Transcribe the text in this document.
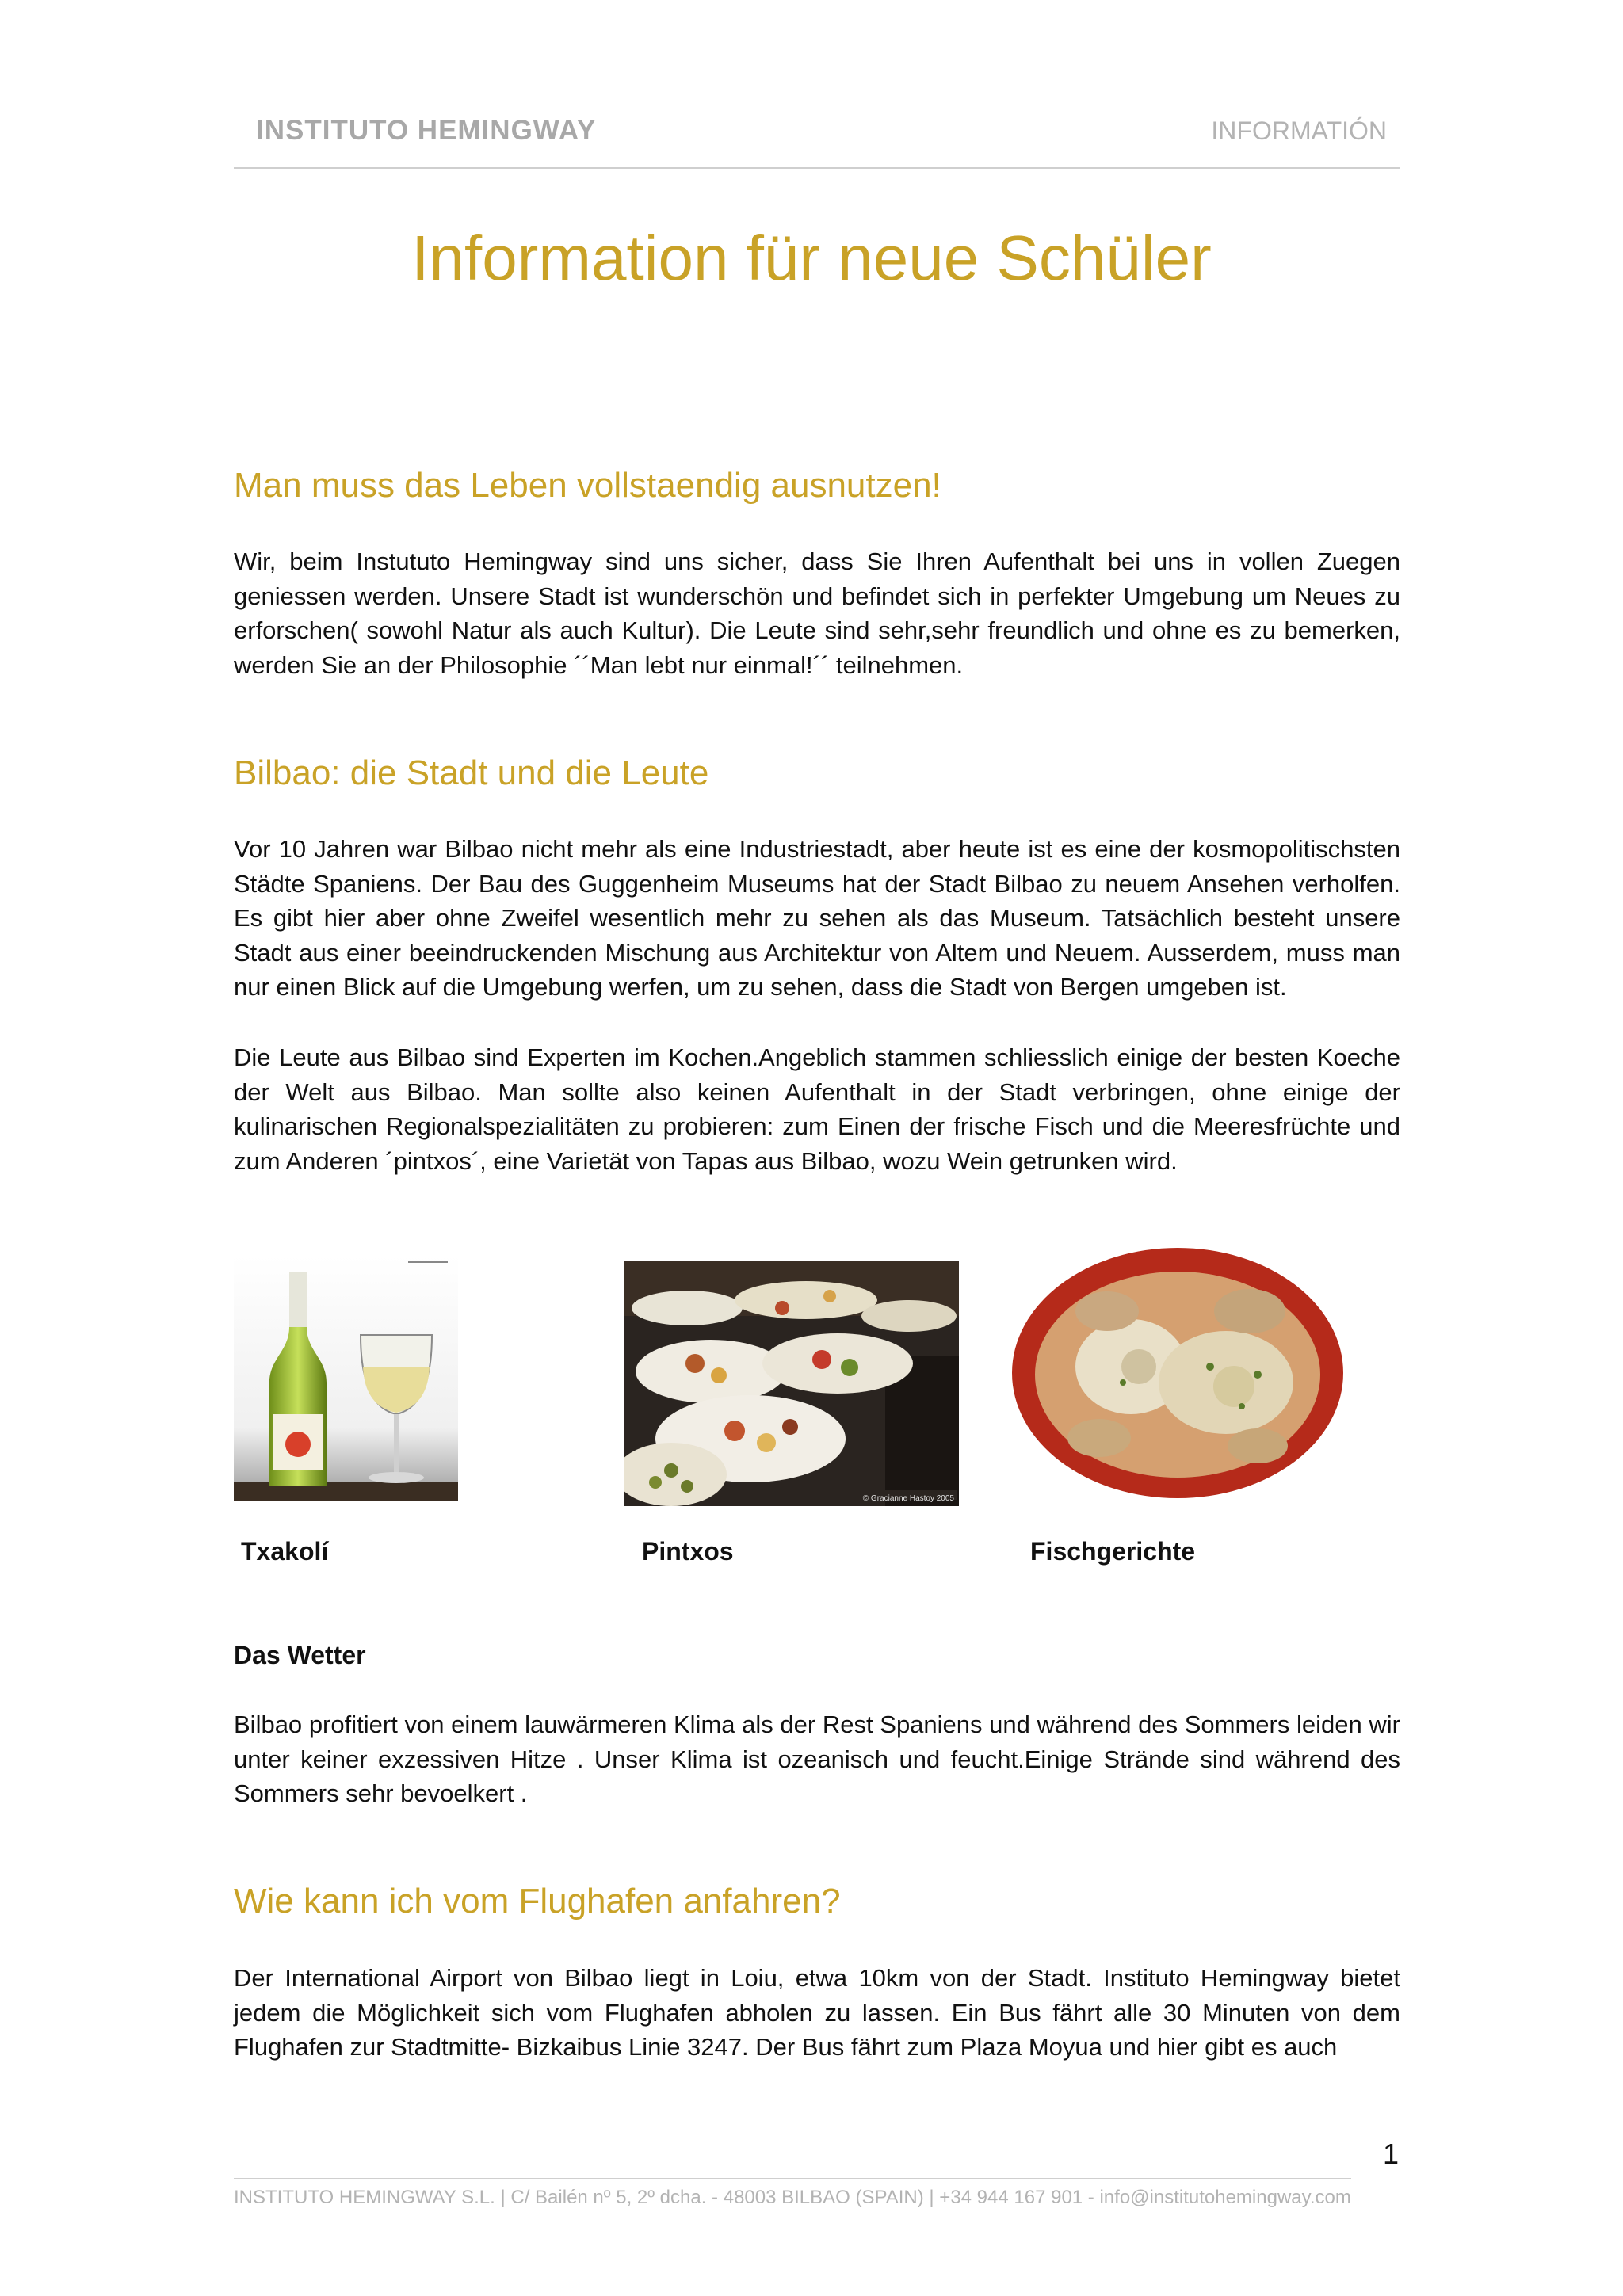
INSTITUTO HEMINGWAY	INFORMATIÓN
Information für neue Schüler
Man muss das Leben vollstaendig ausnutzen!
Wir, beim Instututo Hemingway sind uns sicher, dass Sie Ihren Aufenthalt bei uns in vollen Zuegen geniessen werden. Unsere Stadt ist wunderschön und befindet sich in perfekter Umgebung um Neues zu erforschen( sowohl Natur als auch Kultur). Die Leute sind sehr,sehr freundlich und ohne es zu bemerken, werden Sie an der Philosophie ´´Man lebt nur einmal!´´ teilnehmen.
Bilbao: die Stadt und die Leute
Vor 10 Jahren war Bilbao nicht mehr als eine Industriestadt, aber heute ist es eine der kosmopolitischsten Städte Spaniens. Der Bau des Guggenheim Museums hat der Stadt Bilbao zu neuem Ansehen verholfen. Es gibt hier aber ohne Zweifel wesentlich mehr zu sehen als das Museum. Tatsächlich besteht unsere Stadt aus einer beeindruckenden Mischung aus Architektur von Altem und Neuem. Ausserdem, muss man nur einen Blick auf die Umgebung werfen, um zu sehen, dass die Stadt von Bergen umgeben ist.
Die Leute aus Bilbao sind Experten im Kochen.Angeblich stammen schliesslich einige der besten Koeche der Welt aus Bilbao. Man sollte also keinen Aufenthalt in der Stadt verbringen, ohne einige der kulinarischen Regionalspezialitäten zu probieren: zum Einen der frische Fisch und die Meeresfrüchte und zum Anderen ´pintxos´, eine Varietät von Tapas aus Bilbao, wozu Wein getrunken wird.
© Gracianne Hastoy 2005
Txakolí	Pintxos	Fischgerichte
Das Wetter
Bilbao profitiert von einem lauwärmeren Klima als der Rest Spaniens und während des Sommers leiden wir unter keiner exzessiven Hitze . Unser Klima ist ozeanisch und feucht.Einige Strände sind während des Sommers sehr bevoelkert .
Wie kann ich vom Flughafen anfahren?
Der International Airport von Bilbao liegt in Loiu, etwa 10km von der Stadt. Instituto Hemingway bietet jedem die Möglichkeit sich vom Flughafen abholen zu lassen. Ein Bus fährt alle 30 Minuten von dem Flughafen zur Stadtmitte- Bizkaibus Linie 3247. Der Bus fährt zum Plaza Moyua und hier gibt es auch
1
INSTITUTO HEMINGWAY S.L. | C/ Bailén nº 5, 2º dcha. - 48003 BILBAO (SPAIN) | +34 944 167 901 - info@institutohemingway.com
